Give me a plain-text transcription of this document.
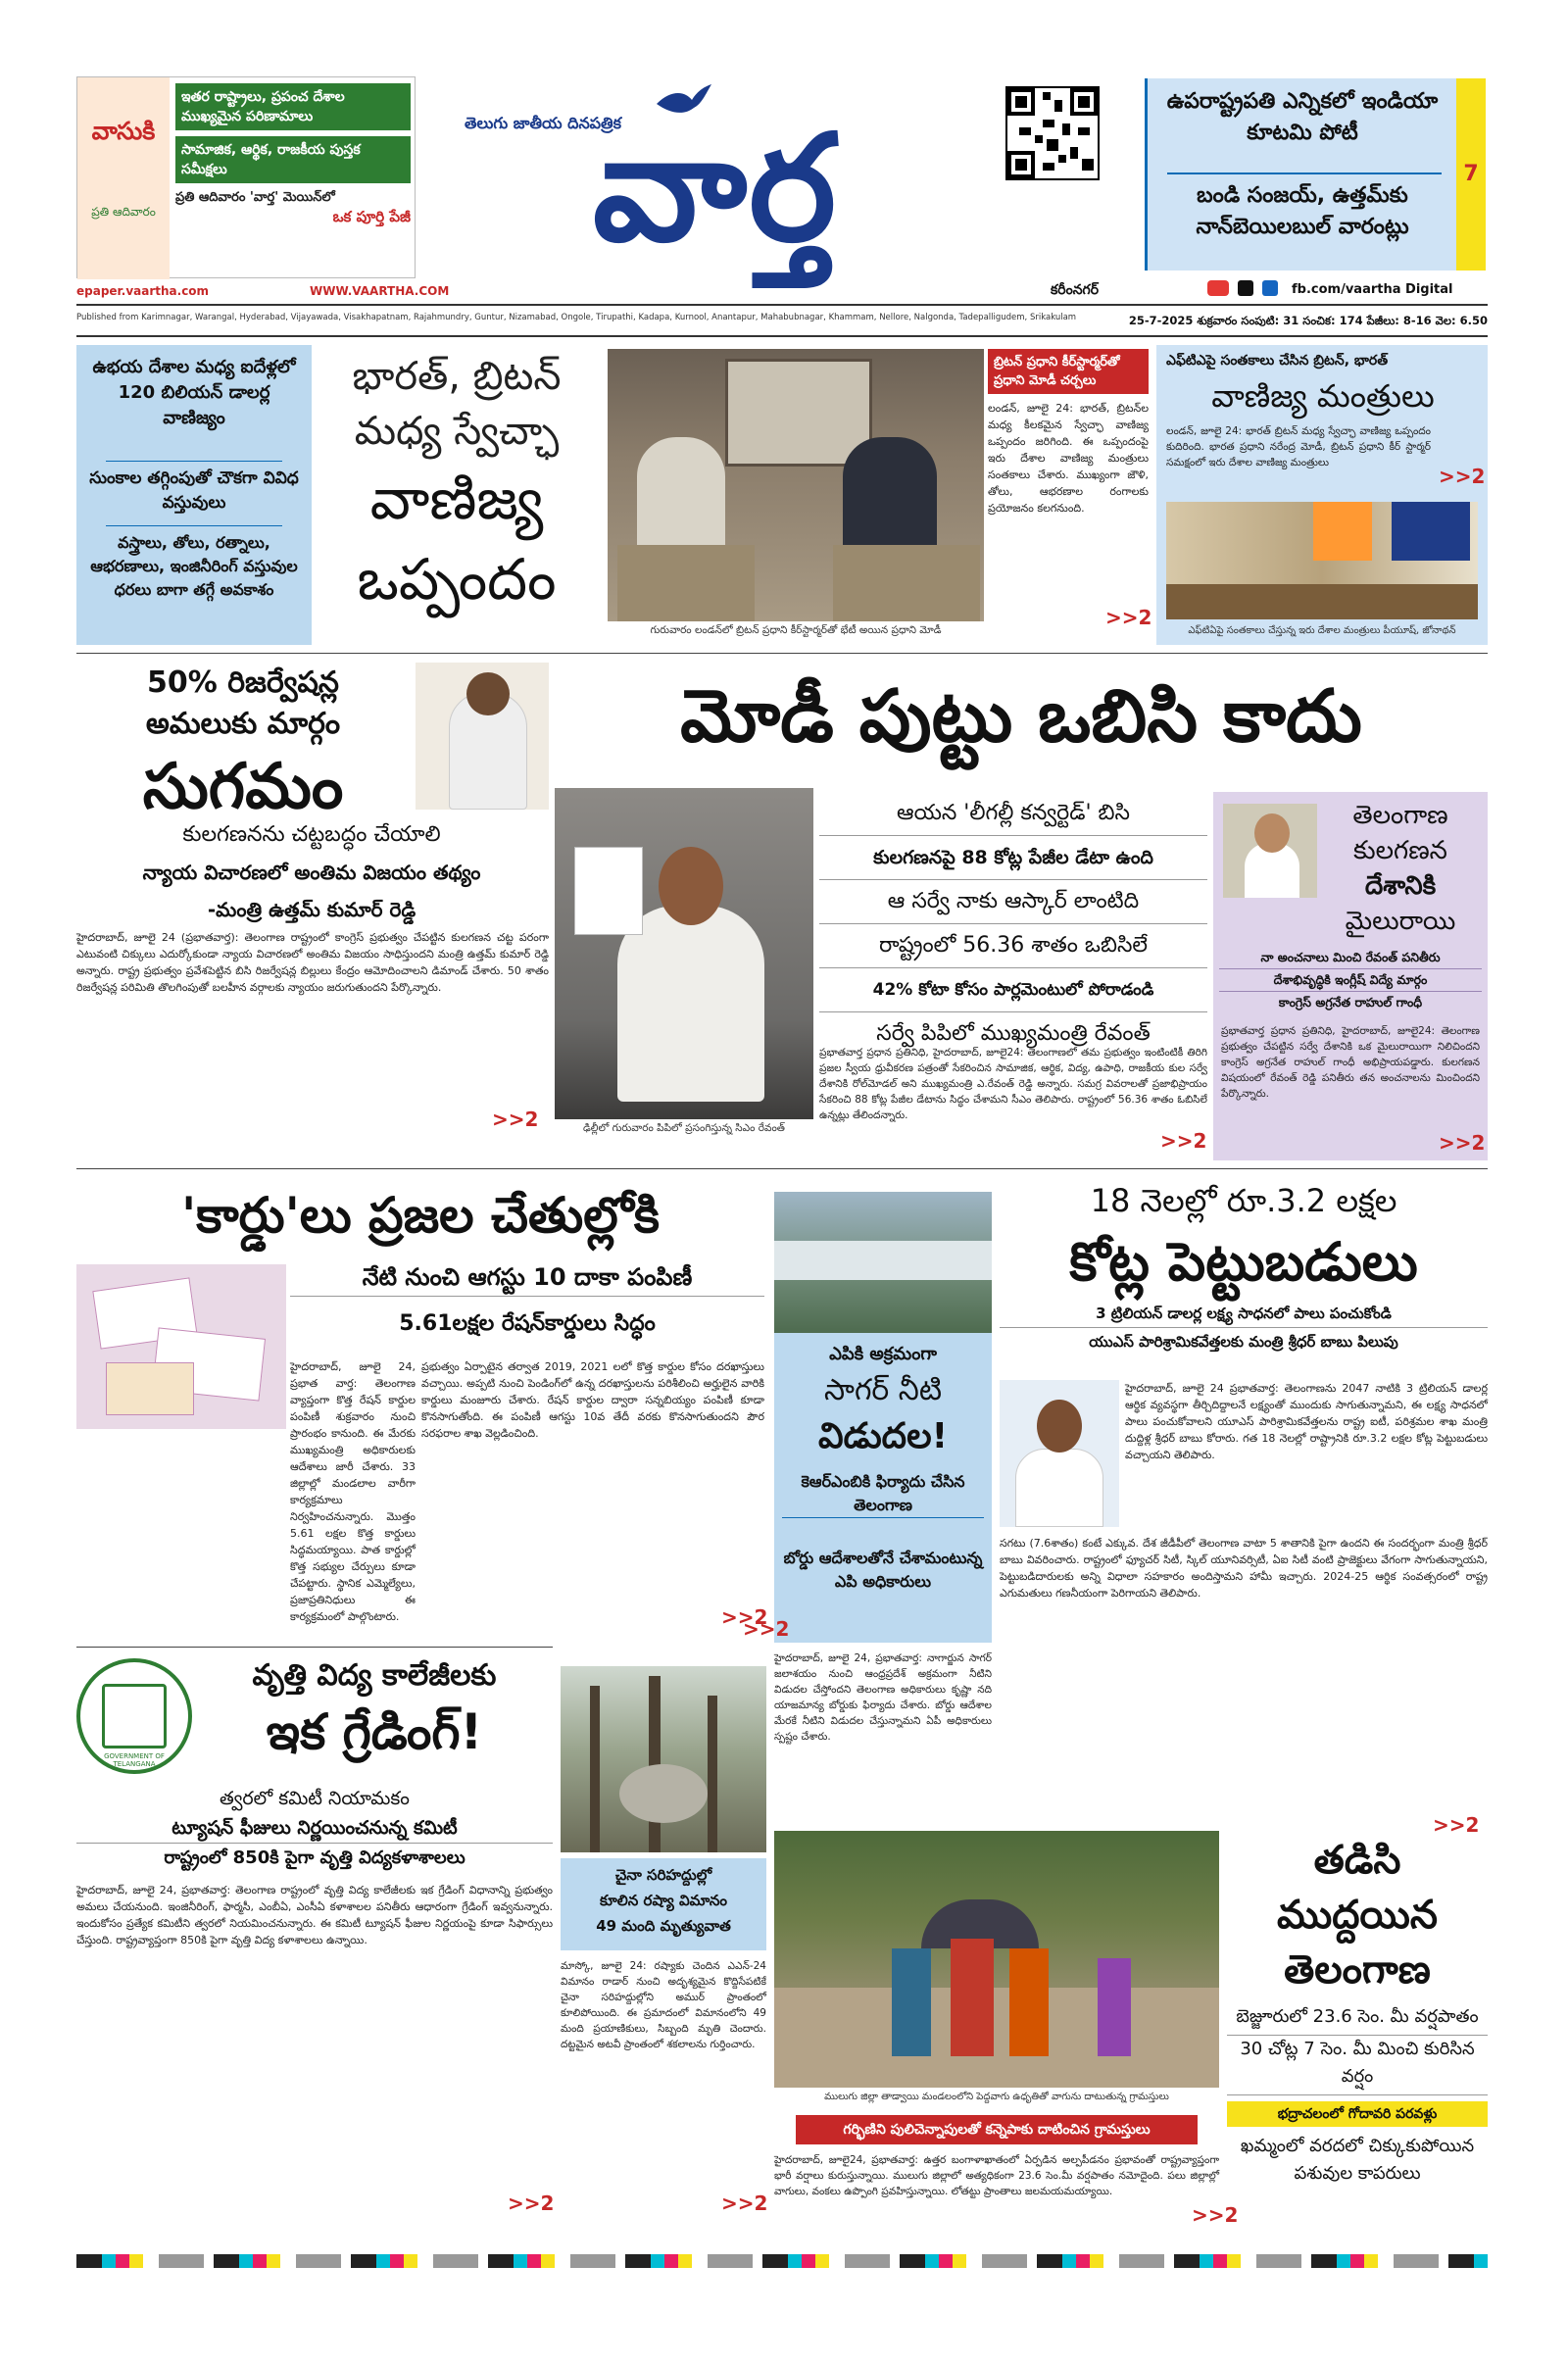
వాసుకి
ప్రతి ఆదివారం
ఇతర రాష్ట్రాలు, ప్రపంచ దేశాల ముఖ్యమైన పరిణామాలు
సామాజిక, ఆర్థిక, రాజకీయ పుస్తక సమీక్షలు
ప్రతి ఆదివారం 'వార్త' మెయిన్‌లో
ఒక పూర్తి పేజీ
తెలుగు జాతీయ దినపత్రిక
వార్త
ఉపరాష్ట్రపతి ఎన్నికలో ఇండియా కూటమి పోటీ
బండి సంజయ్, ఉత్తమ్‌కు నాన్‌బెయిలబుల్ వారంట్లు
7
epaper.vaartha.com	WWW.VAARTHA.COM	కరీంనగర్
	fb.com/vaartha Digital
Published from Karimnagar, Warangal, Hyderabad, Vijayawada, Visakhapatnam, Rajahmundry, Guntur, Nizamabad, Ongole, Tirupathi, Kadapa, Kurnool, Anantapur, Mahabubnagar, Khammam, Nellore, Nalgonda, Tadepalligudem, Srikakulam	25-7-2025 శుక్రవారం సంపుటి: 31 సంచిక: 174 పేజీలు: 8-16 వెల: 6.50
ఉభయ దేశాల మధ్య ఐదేళ్లలో 120 బిలియన్ డాలర్ల వాణిజ్యం
సుంకాల తగ్గింపుతో చౌకగా వివిధ వస్తువులు
వస్త్రాలు, తోలు, రత్నాలు, ఆభరణాలు, ఇంజినీరింగ్ వస్తువుల ధరలు బాగా తగ్గే అవకాశం
భారత్, బ్రిటన్
మధ్య స్వేచ్ఛా
వాణిజ్య
ఒప్పందం
గురువారం లండన్‌లో బ్రిటన్ ప్రధాని కీర్‌స్టార్మర్‌తో భేటీ అయిన ప్రధాని మోడీ
బ్రిటన్ ప్రధాని కీర్‌స్టార్మర్‌తో ప్రధాని మోడీ చర్చలు
లండన్, జూలై 24: భారత్, బ్రిటన్‌ల మధ్య కీలకమైన స్వేచ్ఛా వాణిజ్య ఒప్పందం జరిగింది. ఈ ఒప్పందంపై ఇరు దేశాల వాణిజ్య మంత్రులు సంతకాలు చేశారు. ముఖ్యంగా జౌళి, తోలు, ఆభరణాల రంగాలకు ప్రయోజనం కలగనుంది.
>>2
ఎఫ్‌టిఎపై సంతకాలు చేసిన బ్రిటన్, భారత్
వాణిజ్య మంత్రులు
లండన్, జూలై 24: భారత్ బ్రిటన్ మధ్య స్వేచ్ఛా వాణిజ్య ఒప్పందం కుదిరింది. భారత ప్రధాని నరేంద్ర మోడీ, బ్రిటన్ ప్రధాని కీర్ స్టార్మర్ సమక్షంలో ఇరు దేశాల వాణిజ్య మంత్రులు
ఎఫ్‌టిఏపై సంతకాలు చేస్తున్న ఇరు దేశాల మంత్రులు పీయూష్, జోనాథన్
>>2
50% రిజర్వేషన్ల
అమలుకు మార్గం
సుగమం
కులగణనను చట్టబద్ధం చేయాలి
న్యాయ విచారణలో అంతిమ విజయం తథ్యం
-మంత్రి ఉత్తమ్ కుమార్ రెడ్డి
హైదరాబాద్, జూలై 24 (ప్రభాతవార్త): తెలంగాణ రాష్ట్రంలో కాంగ్రెస్ ప్రభుత్వం చేపట్టిన కులగణన చట్ట పరంగా ఎటువంటి చిక్కులు ఎదుర్కోకుండా న్యాయ విచారణలో అంతిమ విజయం సాధిస్తుందని మంత్రి ఉత్తమ్ కుమార్ రెడ్డి అన్నారు. రాష్ట్ర ప్రభుత్వం ప్రవేశపెట్టిన బిసి రిజర్వేషన్ల బిల్లులు కేంద్రం ఆమోదించాలని డిమాండ్ చేశారు. 50 శాతం రిజర్వేషన్ల పరిమితి తొలగింపుతో బలహీన వర్గాలకు న్యాయం జరుగుతుందని పేర్కొన్నారు.
>>2
మోడీ పుట్టు ఒబిసి కాదు
ఢిల్లీలో గురువారం పిపిలో ప్రసంగిస్తున్న సిఎం రేవంత్
ఆయన 'లీగల్లీ కన్వర్టెడ్' బిసి
కులగణనపై 88 కోట్ల పేజీల డేటా ఉంది
ఆ సర్వే నాకు ఆస్కార్ లాంటిది
రాష్ట్రంలో 56.36 శాతం ఒబిసిలే
42% కోటా కోసం పార్లమెంటులో పోరాడండి
సర్వే పిపిలో ముఖ్యమంత్రి రేవంత్
ప్రభాతవార్త ప్రధాన ప్రతినిధి, హైదరాబాద్, జూలై24: తెలంగాణలో తమ ప్రభుత్వం ఇంటింటికీ తిరిగి ప్రజల స్వీయ ధ్రువీకరణ పత్రంతో సేకరించిన సామాజిక, ఆర్థిక, విద్య, ఉపాధి, రాజకీయ కుల సర్వే దేశానికి రోల్‌మోడల్ అని ముఖ్యమంత్రి ఎ.రేవంత్ రెడ్డి అన్నారు. సమగ్ర వివరాలతో ప్రజాభిప్రాయం సేకరించి 88 కోట్ల పేజీల డేటాను సిద్ధం చేశామని సీఎం తెలిపారు. రాష్ట్రంలో 56.36 శాతం ఓబిసిలే ఉన్నట్లు తేలిందన్నారు.
>>2
తెలంగాణ
కులగణన
దేశానికి
మైలురాయి
నా అంచనాలు మించి రేవంత్ పనితీరు
దేశాభివృద్ధికి ఇంగ్లీష్ విద్యే మార్గం
కాంగ్రెస్ అగ్రనేత రాహుల్ గాంధీ
ప్రభాతవార్త ప్రధాన ప్రతినిధి, హైదరాబాద్, జూలై24: తెలంగాణ ప్రభుత్వం చేపట్టిన సర్వే దేశానికి ఒక మైలురాయిగా నిలిచిందని కాంగ్రెస్ అగ్రనేత రాహుల్ గాంధీ అభిప్రాయపడ్డారు. కులగణన విషయంలో రేవంత్ రెడ్డి పనితీరు తన అంచనాలను మించిందని పేర్కొన్నారు.
>>2
'కార్డు'లు ప్రజల చేతుల్లోకి
నేటి నుంచి ఆగస్టు 10 దాకా పంపిణీ
5.61లక్షల రేషన్‌కార్డులు సిద్ధం
హైదరాబాద్, జూలై 24, ప్రభాత వార్త: తెలంగాణ వ్యాప్తంగా కొత్త రేషన్ కార్డుల పంపిణీ శుక్రవారం నుంచి ప్రారంభం కానుంది. ఈ మేరకు ముఖ్యమంత్రి అధికారులకు ఆదేశాలు జారీ చేశారు. 33 జిల్లాల్లో మండలాల వారీగా కార్యక్రమాలు నిర్వహించనున్నారు. మొత్తం 5.61 లక్షల కొత్త కార్డులు సిద్ధమయ్యాయి. పాత కార్డుల్లో కొత్త సభ్యుల చేర్పులు కూడా చేపట్టారు. స్థానిక ఎమ్మెల్యేలు, ప్రజాప్రతినిధులు ఈ కార్యక్రమంలో పాల్గొంటారు.
ప్రభుత్వం ఏర్పాటైన తర్వాత 2019, 2021 లలో కొత్త కార్డుల కోసం దరఖాస్తులు వచ్చాయి. అప్పటి నుంచి పెండింగ్‌లో ఉన్న దరఖాస్తులను పరిశీలించి అర్హులైన వారికి కార్డులు మంజూరు చేశారు. రేషన్ కార్డుల ద్వారా సన్నబియ్యం పంపిణీ కూడా కొనసాగుతోంది. ఈ పంపిణీ ఆగస్టు 10వ తేదీ వరకు కొనసాగుతుందని పౌర సరఫరాల శాఖ వెల్లడించింది.
>>2
GOVERNMENT OF TELANGANA
వృత్తి విద్య కాలేజీలకు
ఇక గ్రేడింగ్!
త్వరలో కమిటీ నియామకం
ట్యూషన్ ఫీజులు నిర్ణయించనున్న కమిటీ
రాష్ట్రంలో 850కి పైగా వృత్తి విద్యకళాశాలలు
హైదరాబాద్, జూలై 24, ప్రభాతవార్త: తెలంగాణ రాష్ట్రంలో వృత్తి విద్య కాలేజీలకు ఇక గ్రేడింగ్ విధానాన్ని ప్రభుత్వం అమలు చేయనుంది. ఇంజినీరింగ్, ఫార్మసీ, ఎంబీఏ, ఎంసీఏ కళాశాలల పనితీరు ఆధారంగా గ్రేడింగ్ ఇవ్వనున్నారు. ఇందుకోసం ప్రత్యేక కమిటీని త్వరలో నియమించనున్నారు. ఈ కమిటీ ట్యూషన్ ఫీజుల నిర్ణయంపై కూడా సిఫార్సులు చేస్తుంది. రాష్ట్రవ్యాప్తంగా 850కి పైగా వృత్తి విద్య కళాశాలలు ఉన్నాయి.
>>2
ఎపికి అక్రమంగా
సాగర్ నీటి
విడుదల!
కెఆర్‌ఎంబికి ఫిర్యాదు చేసిన తెలంగాణ
బోర్డు ఆదేశాలతోనే చేశామంటున్న ఎపి అధికారులు
హైదరాబాద్, జూలై 24, ప్రభాతవార్త: నాగార్జున సాగర్ జలాశయం నుంచి ఆంధ్రప్రదేశ్ అక్రమంగా నీటిని విడుదల చేస్తోందని తెలంగాణ అధికారులు కృష్ణా నది యాజమాన్య బోర్డుకు ఫిర్యాదు చేశారు. బోర్డు ఆదేశాల మేరకే నీటిని విడుదల చేస్తున్నామని ఏపీ అధికారులు స్పష్టం చేశారు.
>>2
18 నెలల్లో రూ.3.2 లక్షల
కోట్ల పెట్టుబడులు
3 ట్రిలియన్ డాలర్ల లక్ష్య సాధనలో పాలు పంచుకోండి
యుఎస్ పారిశ్రామికవేత్తలకు మంత్రి శ్రీధర్ బాబు పిలుపు
హైదరాబాద్, జూలై 24 ప్రభాతవార్త: తెలంగాణను 2047 నాటికి 3 ట్రిలియన్ డాలర్ల ఆర్థిక వ్యవస్థగా తీర్చిదిద్దాలనే లక్ష్యంతో ముందుకు సాగుతున్నామని, ఈ లక్ష్య సాధనలో పాలు పంచుకోవాలని యూఎస్ పారిశ్రామికవేత్తలను రాష్ట్ర ఐటీ, పరిశ్రమల శాఖ మంత్రి దుద్దిళ్ల శ్రీధర్ బాబు కోరారు. గత 18 నెలల్లో రాష్ట్రానికి రూ.3.2 లక్షల కోట్ల పెట్టుబడులు వచ్చాయని తెలిపారు.
సగటు (7.6శాతం) కంటే ఎక్కువ. దేశ జీడీపీలో తెలంగాణ వాటా 5 శాతానికి పైగా ఉందని ఈ సందర్భంగా మంత్రి శ్రీధర్ బాబు వివరించారు. రాష్ట్రంలో ఫ్యూచర్ సిటీ, స్కిల్ యూనివర్సిటీ, ఏఐ సిటీ వంటి ప్రాజెక్టులు వేగంగా సాగుతున్నాయని, పెట్టుబడిదారులకు అన్ని విధాలా సహకారం అందిస్తామని హామీ ఇచ్చారు. 2024-25 ఆర్థిక సంవత్సరంలో రాష్ట్ర ఎగుమతులు గణనీయంగా పెరిగాయని తెలిపారు.
>>2
చైనా సరిహద్దుల్లో
కూలిన రష్యా విమానం
49 మంది మృత్యువాత
మాస్కో, జూలై 24: రష్యాకు చెందిన ఎఎన్-24 విమానం రాడార్ నుంచి అదృశ్యమైన కొద్దిసేపటికే చైనా సరిహద్దుల్లోని అముర్ ప్రాంతంలో కూలిపోయింది. ఈ ప్రమాదంలో విమానంలోని 49 మంది ప్రయాణికులు, సిబ్బంది మృతి చెందారు. దట్టమైన అటవీ ప్రాంతంలో శకలాలను గుర్తించారు.
>>2
ములుగు జిల్లా తాడ్వాయి మండలంలోని పెద్దవాగు ఉధృతితో వాగును దాటుతున్న గ్రామస్తులు
గర్భిణిని పులిచెన్నాపులతో కన్నెపాకు దాటించిన గ్రామస్తులు
హైదరాబాద్, జూలై24, ప్రభాతవార్త: ఉత్తర బంగాళాఖాతంలో ఏర్పడిన అల్పపీడనం ప్రభావంతో రాష్ట్రవ్యాప్తంగా భారీ వర్షాలు కురుస్తున్నాయి. ములుగు జిల్లాలో అత్యధికంగా 23.6 సెం.మీ వర్షపాతం నమోదైంది. పలు జిల్లాల్లో వాగులు, వంకలు ఉప్పొంగి ప్రవహిస్తున్నాయి. లోతట్టు ప్రాంతాలు జలమయమయ్యాయి.
>>2
తడిసి
ముద్దయిన
తెలంగాణ
బెజ్జూరులో 23.6 సెం. మీ వర్షపాతం
30 చోట్ల 7 సెం. మీ మించి కురిసిన వర్షం
భద్రాచలంలో గోదావరి పరవళ్లు
ఖమ్మంలో వరదలో చిక్కుకుపోయిన పశువుల కాపరులు
